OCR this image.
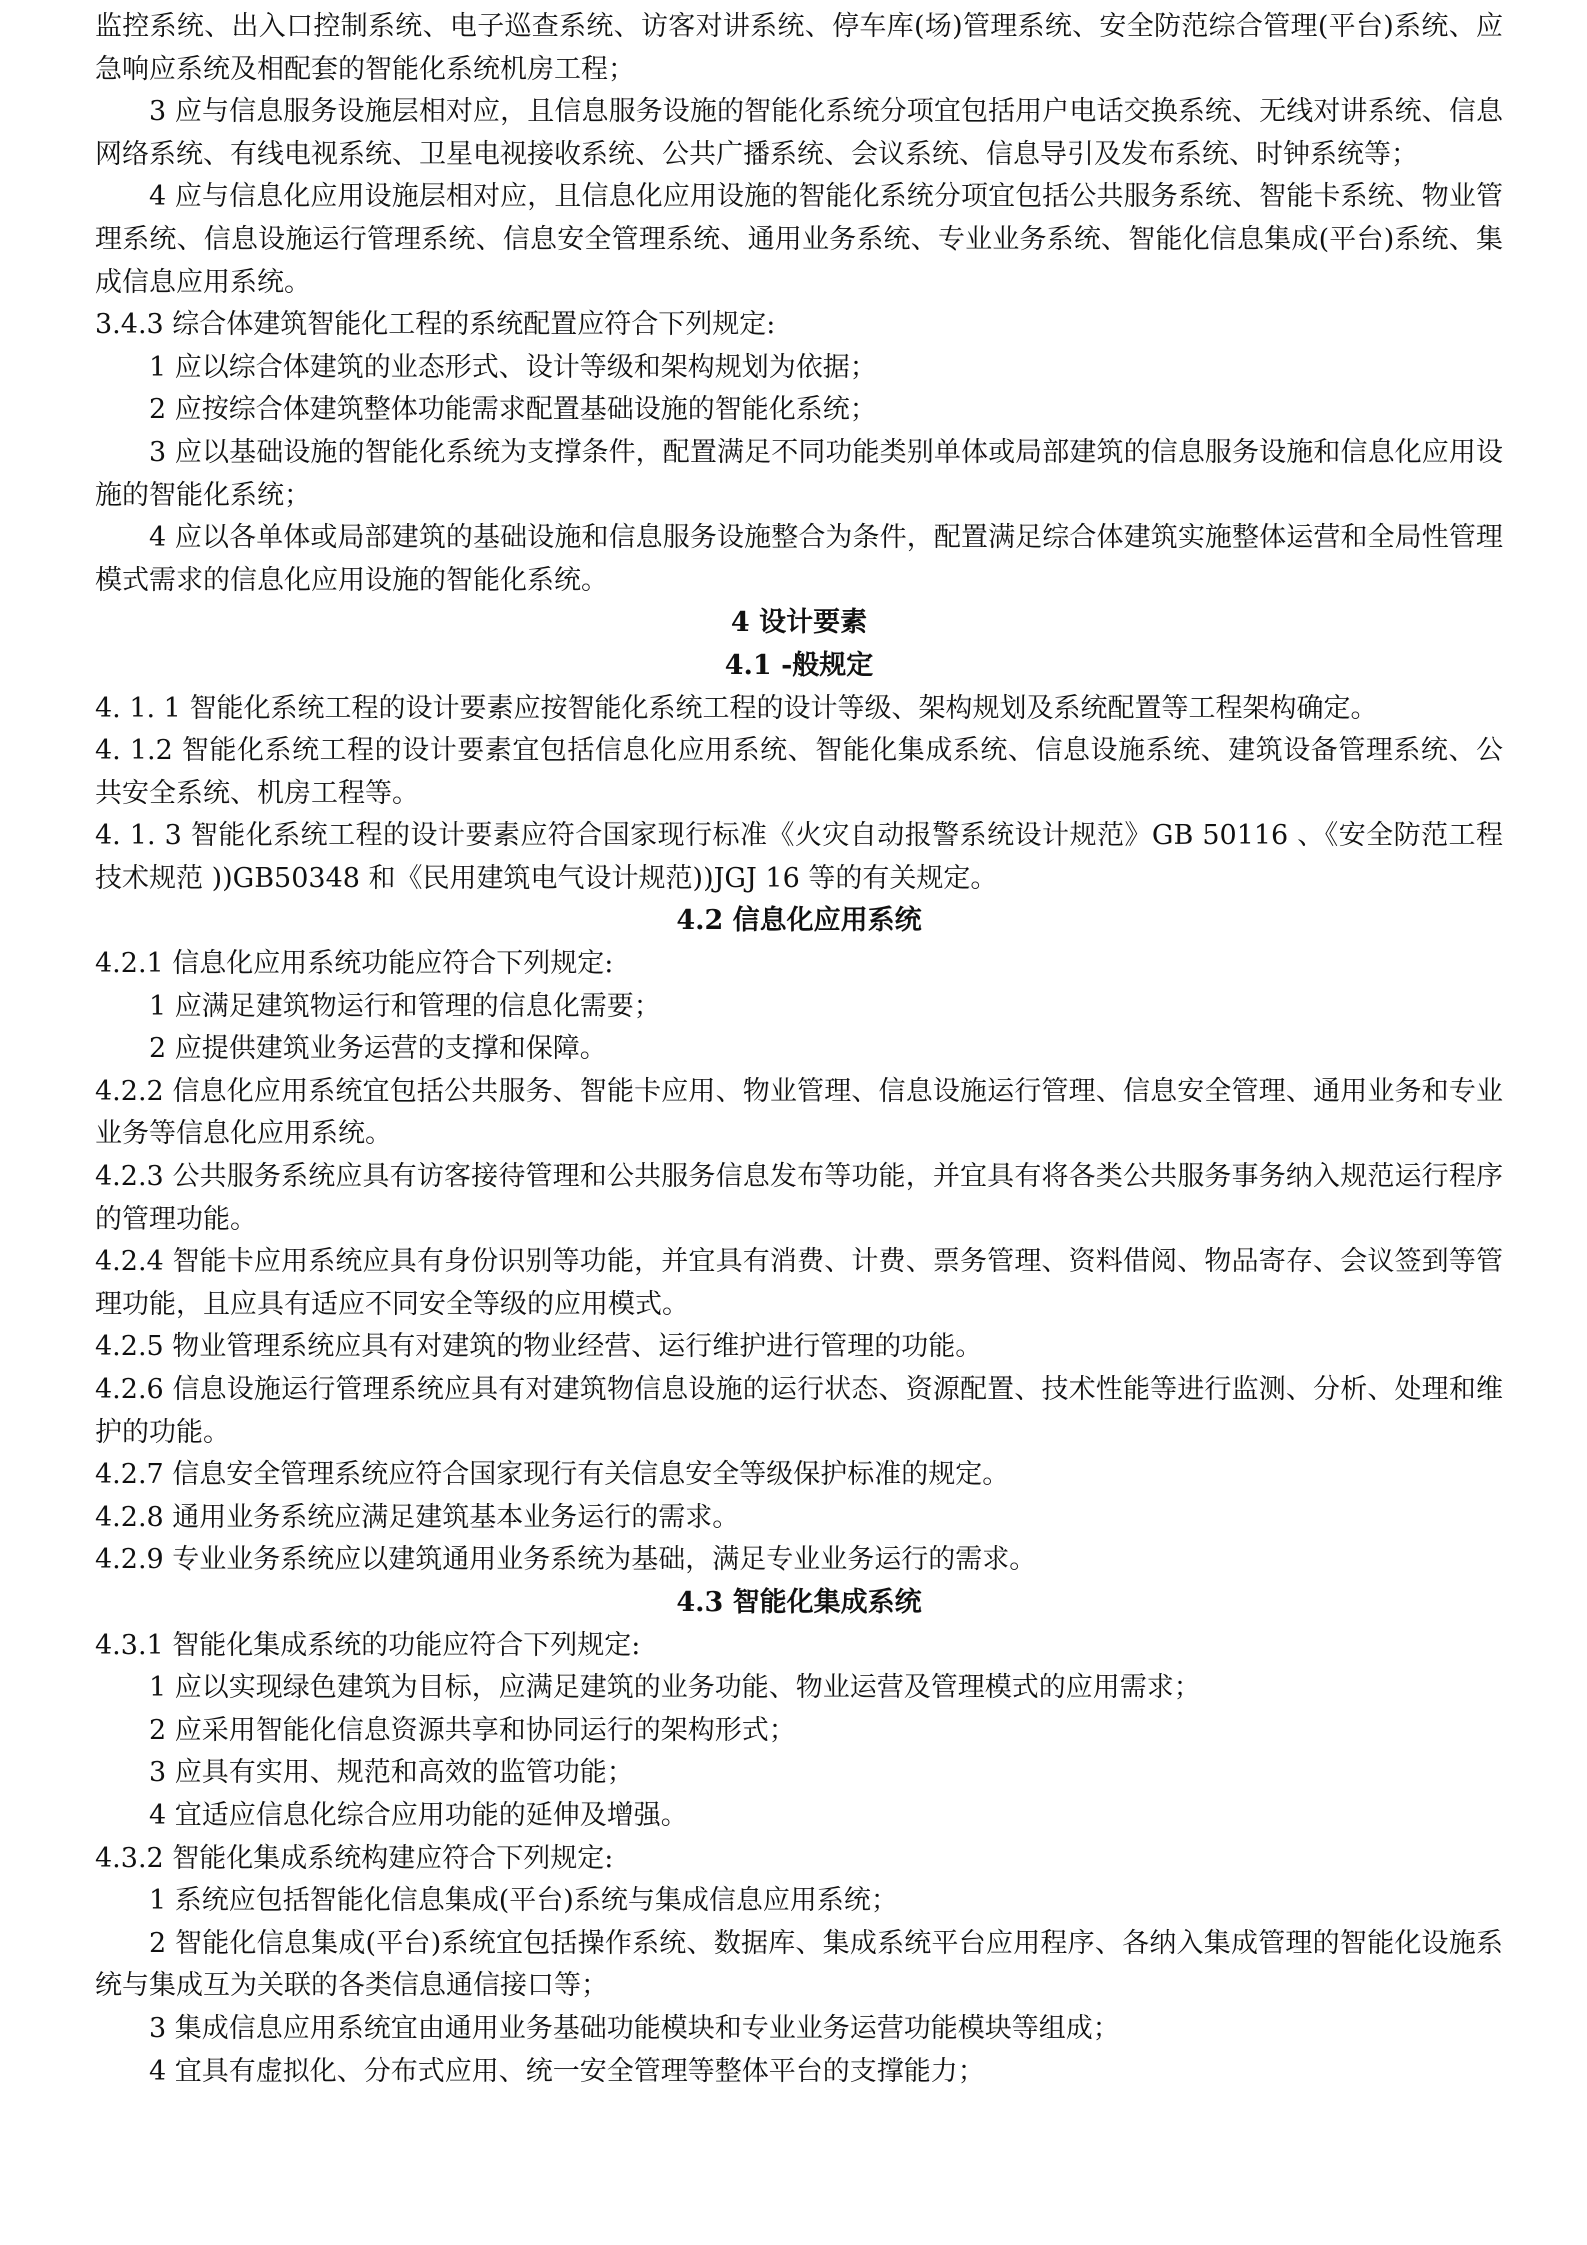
监控系统、出入口控制系统、电子巡查系统、访客对讲系统、停车库(场)管理系统、安全防范综合管理(平台)系统、应急响应系统及相配套的智能化系统机房工程；

3 应与信息服务设施层相对应，且信息服务设施的智能化系统分项宜包括用户电话交换系统、无线对讲系统、信息网络系统、有线电视系统、卫星电视接收系统、公共广播系统、会议系统、信息导引及发布系统、时钟系统等；

4 应与信息化应用设施层相对应，且信息化应用设施的智能化系统分项宜包括公共服务系统、智能卡系统、物业管理系统、信息设施运行管理系统、信息安全管理系统、通用业务系统、专业业务系统、智能化信息集成(平台)系统、集成信息应用系统。

3.4.3 综合体建筑智能化工程的系统配置应符合下列规定:

1 应以综合体建筑的业态形式、设计等级和架构规划为依据；

2 应按综合体建筑整体功能需求配置基础设施的智能化系统；

3 应以基础设施的智能化系统为支撑条件，配置满足不同功能类别单体或局部建筑的信息服务设施和信息化应用设施的智能化系统；

4 应以各单体或局部建筑的基础设施和信息服务设施整合为条件，配置满足综合体建筑实施整体运营和全局性管理模式需求的信息化应用设施的智能化系统。

4 设计要素

4.1 -般规定

4. 1. 1 智能化系统工程的设计要素应按智能化系统工程的设计等级、架构规划及系统配置等工程架构确定。

4. 1.2 智能化系统工程的设计要素宜包括信息化应用系统、智能化集成系统、信息设施系统、建筑设备管理系统、公共安全系统、机房工程等。

4. 1. 3 智能化系统工程的设计要素应符合国家现行标准《火灾自动报警系统设计规范》GB 50116 、《安全防范工程技术规范 ))GB50348 和《民用建筑电气设计规范))JGJ 16 等的有关规定。

4.2 信息化应用系统

4.2.1 信息化应用系统功能应符合下列规定:

1 应满足建筑物运行和管理的信息化需要；

2 应提供建筑业务运营的支撑和保障。

4.2.2 信息化应用系统宜包括公共服务、智能卡应用、物业管理、信息设施运行管理、信息安全管理、通用业务和专业业务等信息化应用系统。

4.2.3 公共服务系统应具有访客接待管理和公共服务信息发布等功能，并宜具有将各类公共服务事务纳入规范运行程序的管理功能。

4.2.4 智能卡应用系统应具有身份识别等功能，并宜具有消费、计费、票务管理、资料借阅、物品寄存、会议签到等管理功能，且应具有适应不同安全等级的应用模式。

4.2.5 物业管理系统应具有对建筑的物业经营、运行维护进行管理的功能。

4.2.6 信息设施运行管理系统应具有对建筑物信息设施的运行状态、资源配置、技术性能等进行监测、分析、处理和维护的功能。

4.2.7 信息安全管理系统应符合国家现行有关信息安全等级保护标准的规定。

4.2.8 通用业务系统应满足建筑基本业务运行的需求。

4.2.9 专业业务系统应以建筑通用业务系统为基础，满足专业业务运行的需求。

4.3 智能化集成系统

4.3.1 智能化集成系统的功能应符合下列规定:

1 应以实现绿色建筑为目标，应满足建筑的业务功能、物业运营及管理模式的应用需求；

2 应采用智能化信息资源共享和协同运行的架构形式；

3 应具有实用、规范和高效的监管功能；

4 宜适应信息化综合应用功能的延伸及增强。

4.3.2 智能化集成系统构建应符合下列规定:

1 系统应包括智能化信息集成(平台)系统与集成信息应用系统；

2 智能化信息集成(平台)系统宜包括操作系统、数据库、集成系统平台应用程序、各纳入集成管理的智能化设施系统与集成互为关联的各类信息通信接口等；

3 集成信息应用系统宜由通用业务基础功能模块和专业业务运营功能模块等组成；

4 宜具有虚拟化、分布式应用、统一安全管理等整体平台的支撑能力；
